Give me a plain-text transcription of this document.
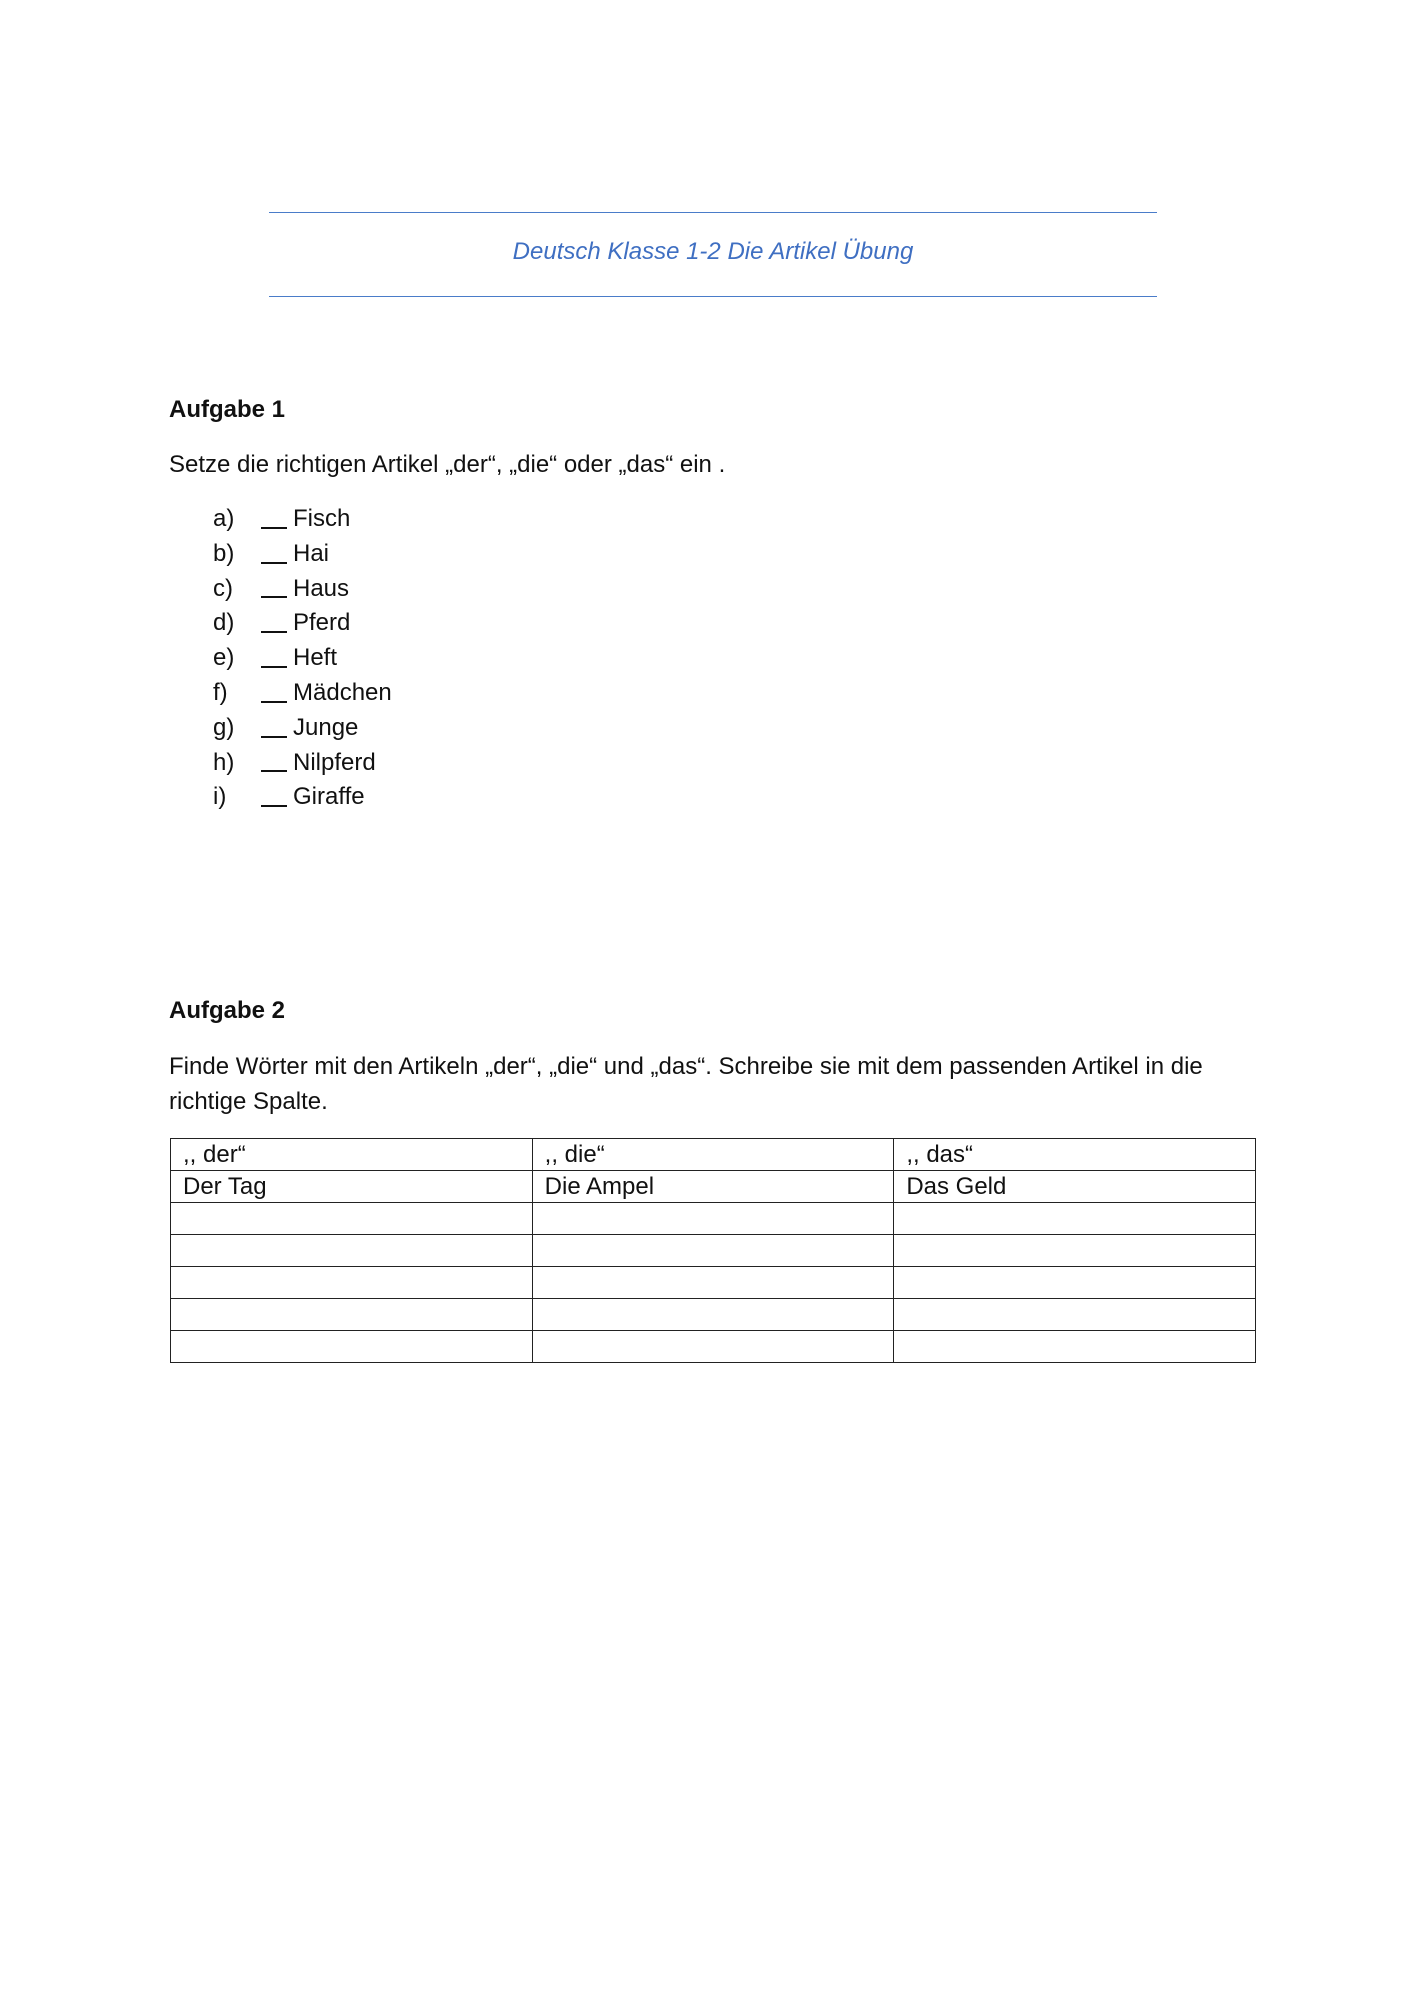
Deutsch Klasse 1-2 Die Artikel Übung
Aufgabe 1
Setze die richtigen Artikel „der“, „die“ oder „das“ ein .
a)	Fisch
b)	Hai
c)	Haus
d)	Pferd
e)	Heft
f)	Mädchen
g)	Junge
h)	Nilpferd
i)	Giraffe
Aufgabe 2
Finde Wörter mit den Artikeln „der“, „die“ und „das“. Schreibe sie mit dem passenden Artikel in die richtige Spalte.
,, der“	,, die“	,, das“
Der Tag	Die Ampel	Das Geld
